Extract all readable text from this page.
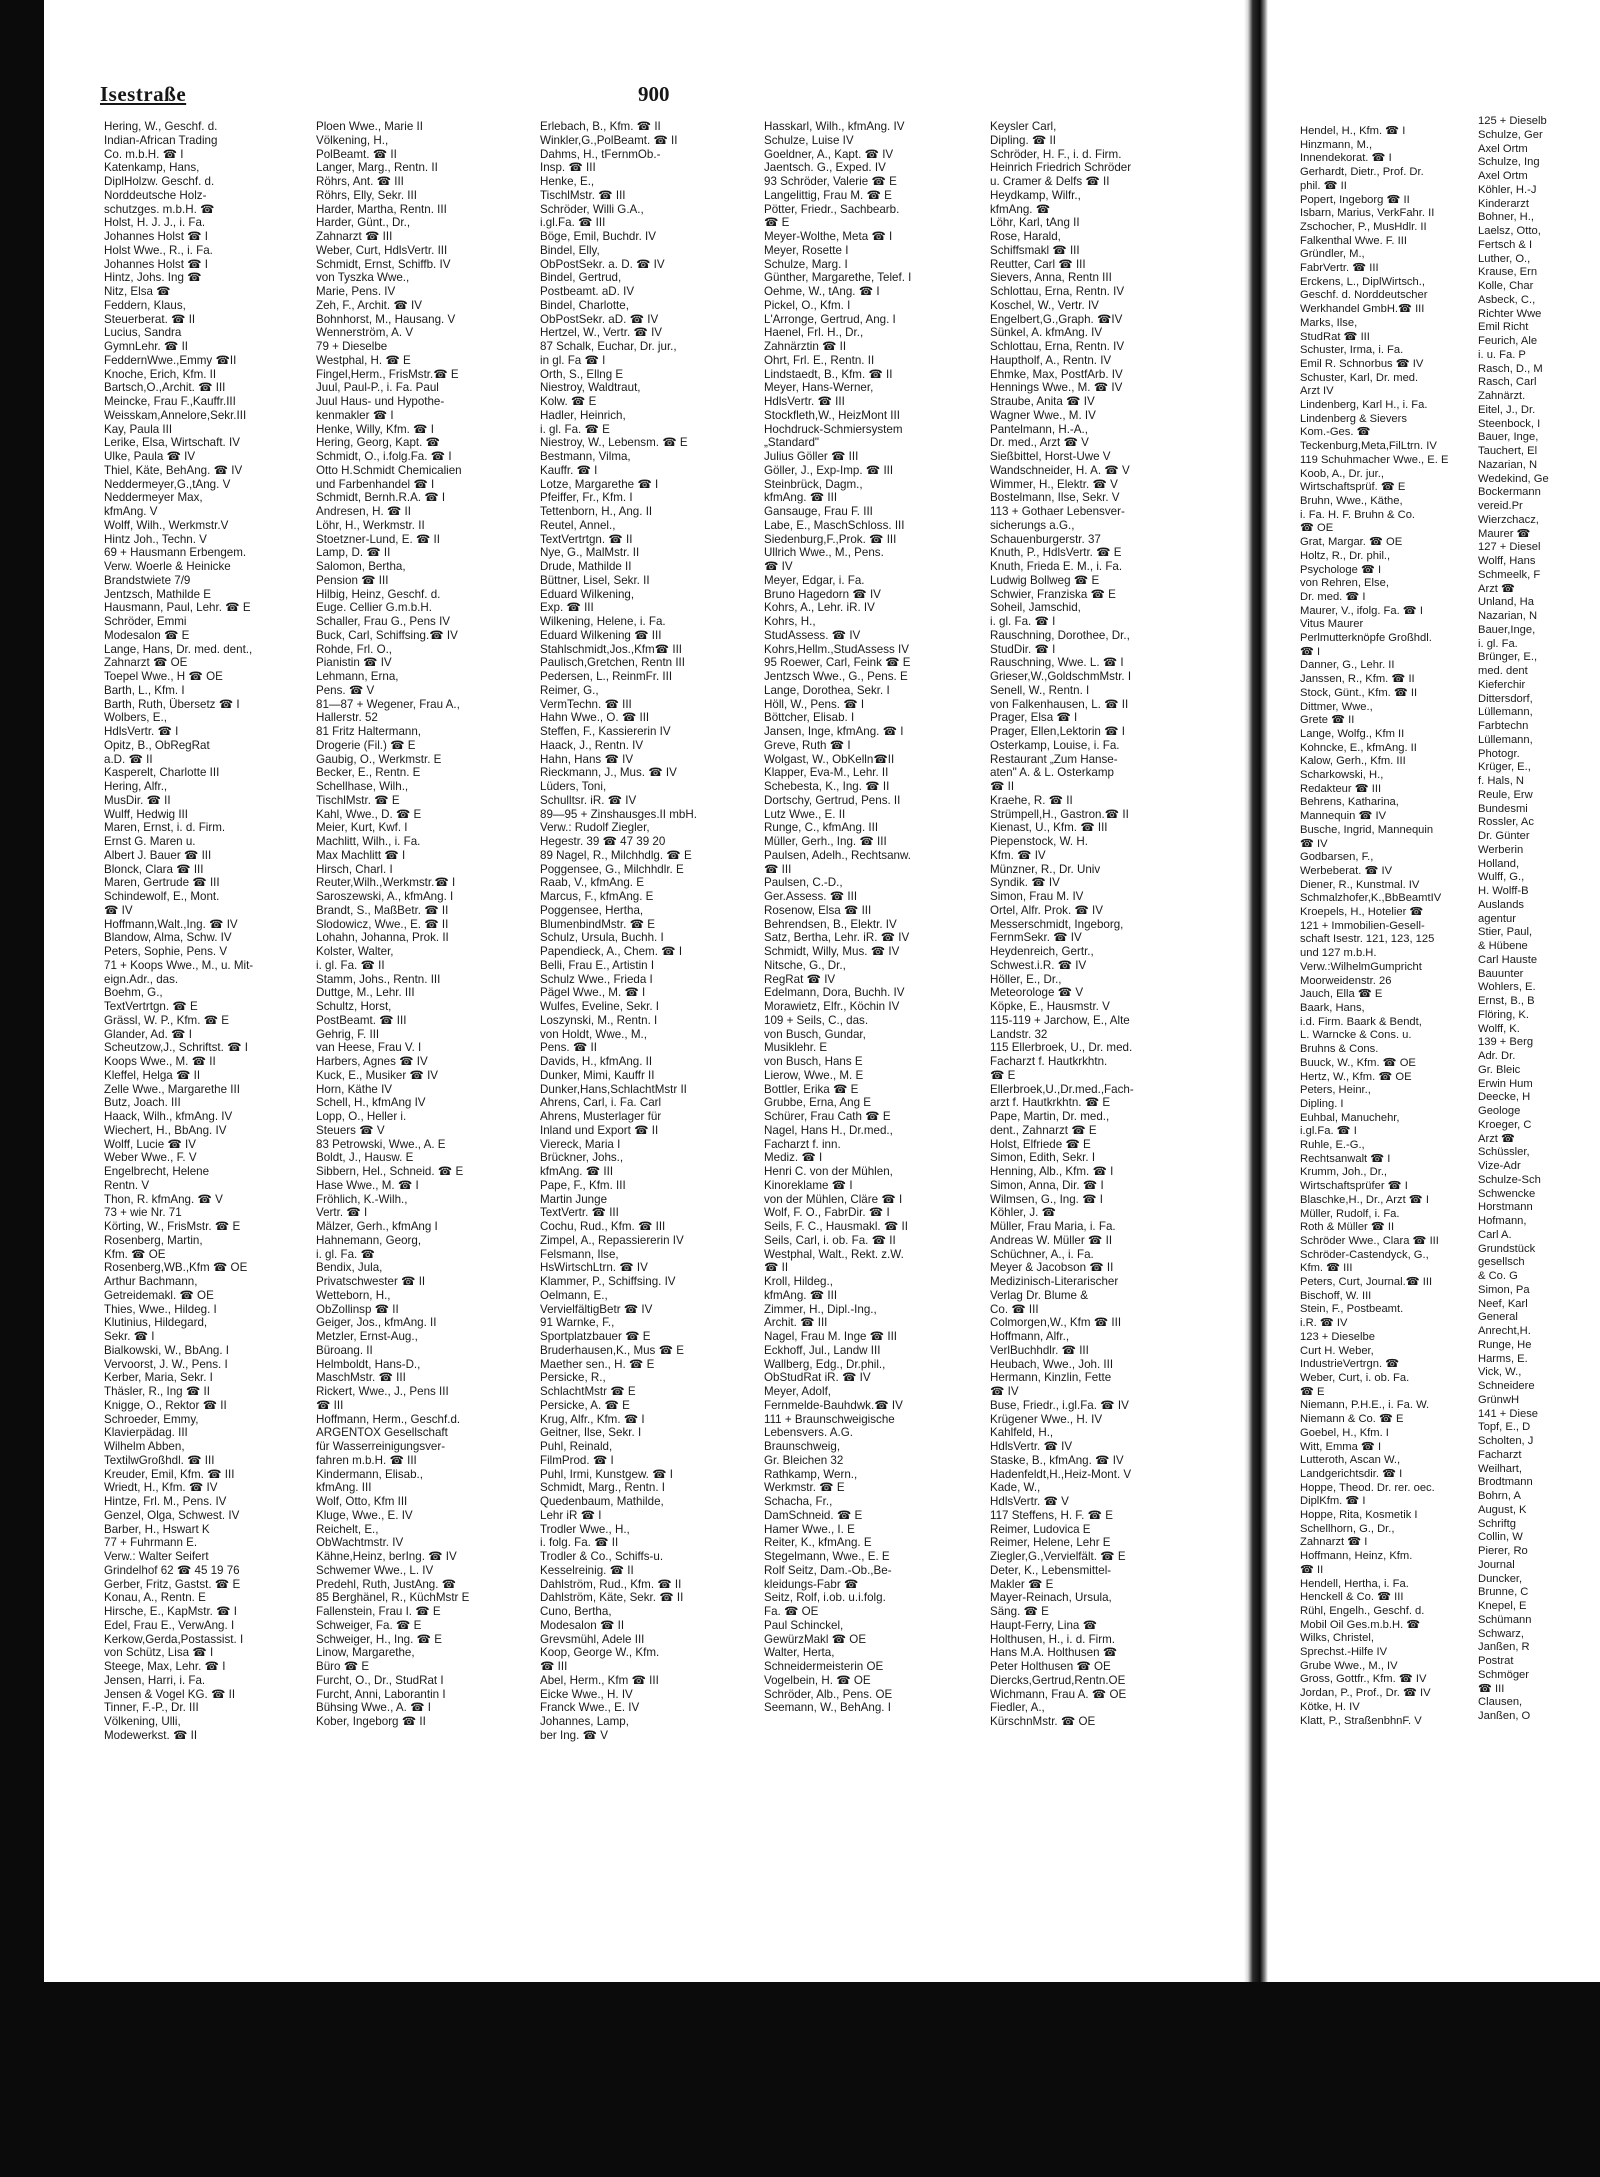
Isestraße	900
Hering, W., Geschf. d.
Indian-African Trading
Co. m.b.H. ☎ I
Katenkamp, Hans,
DiplHolzw. Geschf. d.
Norddeutsche Holz-
schutzges. m.b.H. ☎
Holst, H. J. J., i. Fa.
Johannes Holst ☎ I
Holst Wwe., R., i. Fa.
Johannes Holst ☎ I
Hintz, Johs. Ing ☎
Nitz, Elsa ☎
Feddern, Klaus,
Steuerberat. ☎ II
Lucius, Sandra
GymnLehr. ☎ II
FeddernWwe.,Emmy ☎II
Knoche, Erich, Kfm. II
Bartsch,O.,Archit. ☎ III
Meincke, Frau F.,Kauffr.III
Weisskam,Annelore,Sekr.III
Kay, Paula III
Lerike, Elsa, Wirtschaft. IV
Ulke, Paula ☎ IV
Thiel, Käte, BehAng. ☎ IV
Neddermeyer,G.,tAng. V
Neddermeyer Max,
kfmAng. V
Wolff, Wilh., Werkmstr.V
Hintz Joh., Techn. V
69 + Hausmann Erbengem.
Verw. Woerle & Heinicke
Brandstwiete 7/9
Jentzsch, Mathilde E
Hausmann, Paul, Lehr. ☎ E
Schröder, Emmi
Modesalon ☎ E
Lange, Hans, Dr. med. dent.,
Zahnarzt ☎ OE
Toepel Wwe., H ☎ OE
Barth, L., Kfm. I
Barth, Ruth, Übersetz ☎ I
Wolbers, E.,
HdlsVertr. ☎ I
Opitz, B., ObRegRat
a.D. ☎ II
Kasperelt, Charlotte III
Hering, Alfr.,
MusDir. ☎ II
Wulff, Hedwig III
Maren, Ernst, i. d. Firm.
Ernst G. Maren u.
Albert J. Bauer ☎ III
Blonck, Clara ☎ III
Maren, Gertrude ☎ III
Schindewolf, E., Mont.
☎ IV
Hoffmann,Walt.,Ing. ☎ IV
Blandow, Alma, Schw. IV
Peters, Sophie, Pens. V
71 + Koops Wwe., M., u. Mit-
eign.Adr., das.
Boehm, G.,
TextVertrtgn. ☎ E
Grässl, W. P., Kfm. ☎ E
Glander, Ad. ☎ I
Scheutzow,J., Schriftst. ☎ I
Koops Wwe., M. ☎ II
Kleffel, Helga ☎ II
Zelle Wwe., Margarethe III
Butz, Joach. III
Haack, Wilh., kfmAng. IV
Wiechert, H., BbAng. IV
Wolff, Lucie ☎ IV
Weber Wwe., F. V
Engelbrecht, Helene
Rentn. V
Thon, R. kfmAng. ☎ V
73 + wie Nr. 71
Körting, W., FrisMstr. ☎ E
Rosenberg, Martin,
Kfm. ☎ OE
Rosenberg,WB.,Kfm ☎ OE
Arthur Bachmann,
Getreidemakl. ☎ OE
Thies, Wwe., Hildeg. I
Klutinius, Hildegard,
Sekr. ☎ I
Bialkowski, W., BbAng. I
Vervoorst, J. W., Pens. I
Kerber, Maria, Sekr. I
Thäsler, R., Ing ☎ II
Knigge, O., Rektor ☎ II
Schroeder, Emmy,
Klavierpädag. III
Wilhelm Abben,
TextilwGroßhdl. ☎ III
Kreuder, Emil, Kfm. ☎ III
Wriedt, H., Kfm. ☎ IV
Hintze, Frl. M., Pens. IV
Genzel, Olga, Schwest. IV
Barber, H., Hswart K
77 + Fuhrmann E.
Verw.: Walter Seifert
Grindelhof 62 ☎ 45 19 76
Gerber, Fritz, Gastst. ☎ E
Konau, A., Rentn. E
Hirsche, E., KapMstr. ☎ I
Edel, Frau E., VerwAng. I
Kerkow,Gerda,Postassist. I
von Schütz, Lisa ☎ I
Steege, Max, Lehr. ☎ I
Jensen, Harri, i. Fa.
Jensen & Vogel KG. ☎ II
Tinner, F.-P., Dr. III
Völkening, Ulli,
Modewerkst. ☎ II
Ploen Wwe., Marie II
Völkening, H.,
PolBeamt. ☎ II
Langer, Marg., Rentn. II
Röhrs, Ant. ☎ III
Röhrs, Elly, Sekr. III
Harder, Martha, Rentn. III
Harder, Günt., Dr.,
Zahnarzt ☎ III
Weber, Curt, HdlsVertr. III
Schmidt, Ernst, Schiffb. IV
von Tyszka Wwe.,
Marie, Pens. IV
Zeh, F., Archit. ☎ IV
Bohnhorst, M., Hausang. V
Wennerström, A. V
79 + Dieselbe
Westphal, H. ☎ E
Fingel,Herm., FrisMstr.☎ E
Juul, Paul-P., i. Fa. Paul
Juul Haus- und Hypothe-
kenmakler ☎ I
Henke, Willy, Kfm. ☎ I
Hering, Georg, Kapt. ☎
Schmidt, O., i.folg.Fa. ☎ I
Otto H.Schmidt Chemicalien
und Farbenhandel ☎ I
Schmidt, Bernh.R.A. ☎ I
Andresen, H. ☎ II
Löhr, H., Werkmstr. II
Stoetzner-Lund, E. ☎ II
Lamp, D. ☎ II
Salomon, Bertha,
Pension ☎ III
Hilbig, Heinz, Geschf. d.
Euge. Cellier G.m.b.H.
Schaller, Frau G., Pens IV
Buck, Carl, Schiffsing.☎ IV
Rohde, Frl. O.,
Pianistin ☎ IV
Lehmann, Erna,
Pens. ☎ V
81—87 + Wegener, Frau A.,
Hallerstr. 52
81 Fritz Haltermann,
Drogerie (Fil.) ☎ E
Gaubig, O., Werkmstr. E
Becker, E., Rentn. E
Schellhase, Wilh.,
TischlMstr. ☎ E
Kahl, Wwe., D. ☎ E
Meier, Kurt, Kwf. I
Machlitt, Wilh., i. Fa.
Max Machlitt ☎ I
Hirsch, Charl. I
Reuter,Wilh.,Werkmstr.☎ I
Saroszewski, A., kfmAng. I
Brandt, S., MaßBetr. ☎ II
Slodowicz, Wwe., E. ☎ II
Lohahn, Johanna, Prok. II
Kolster, Walter,
i. gl. Fa. ☎ II
Stamm, Johs., Rentn. III
Duttge, M., Lehr. III
Schultz, Horst,
PostBeamt. ☎ III
Gehrig, F. III
van Heese, Frau V. I
Harbers, Agnes ☎ IV
Kuck, E., Musiker ☎ IV
Horn, Käthe IV
Schell, H., kfmAng IV
Lopp, O., Heller i.
Steuers ☎ V
83 Petrowski, Wwe., A. E
Boldt, J., Hausw. E
Sibbern, Hel., Schneid. ☎ E
Hase Wwe., M. ☎ I
Fröhlich, K.-Wilh.,
Vertr. ☎ I
Mälzer, Gerh., kfmAng I
Hahnemann, Georg,
i. gl. Fa. ☎
Bendix, Jula,
Privatschwester ☎ II
Wetteborn, H.,
ObZollinsp ☎ II
Geiger, Jos., kfmAng. II
Metzler, Ernst-Aug.,
Büroang. II
Helmboldt, Hans-D.,
MaschMstr. ☎ III
Rickert, Wwe., J., Pens III
☎ III
Hoffmann, Herm., Geschf.d.
ARGENTOX Gesellschaft
für Wasserreinigungsver-
fahren m.b.H. ☎ III
Kindermann, Elisab.,
kfmAng. III
Wolf, Otto, Kfm III
Kluge, Wwe., E. IV
Reichelt, E.,
ObWachtmstr. IV
Kähne,Heinz, berIng. ☎ IV
Schwemer Wwe., L. IV
Predehl, Ruth, JustAng. ☎
85 Berghänel, R., KüchMstr E
Fallenstein, Frau I. ☎ E
Schweiger, Fa. ☎ E
Schweiger, H., Ing. ☎ E
Linow, Margarethe,
Büro ☎ E
Furcht, O., Dr., StudRat I
Furcht, Anni, Laborantin I
Bühsing Wwe., A. ☎ I
Kober, Ingeborg ☎ II
Erlebach, B., Kfm. ☎ II
Winkler,G.,PolBeamt. ☎ II
Dahms, H., tFernmOb.-
Insp. ☎ III
Henke, E.,
TischlMstr. ☎ III
Schröder, Willi G.A.,
i.gl.Fa. ☎ III
Böge, Emil, Buchdr. IV
Bindel, Elly,
ObPostSekr. a. D. ☎ IV
Bindel, Gertrud,
Postbeamt. aD. IV
Bindel, Charlotte,
ObPostSekr. aD. ☎ IV
Hertzel, W., Vertr. ☎ IV
87 Schalk, Euchar, Dr. jur.,
in gl. Fa ☎ I
Orth, S., Ellng E
Niestroy, Waldtraut,
Kolw. ☎ E
Hadler, Heinrich,
i. gl. Fa. ☎ E
Niestroy, W., Lebensm. ☎ E
Bestmann, Vilma,
Kauffr. ☎ I
Lotze, Margarethe ☎ I
Pfeiffer, Fr., Kfm. I
Tettenborn, H., Ang. II
Reutel, Annel.,
TextVertrtgn. ☎ II
Nye, G., MalMstr. II
Drude, Mathilde II
Büttner, Lisel, Sekr. II
Eduard Wilkening,
Exp. ☎ III
Wilkening, Helene, i. Fa.
Eduard Wilkening ☎ III
Stahlschmidt,Jos.,Kfm☎ III
Paulisch,Gretchen, Rentn III
Pedersen, L., ReinmFr. III
Reimer, G.,
VermTechn. ☎ III
Hahn Wwe., O. ☎ III
Steffen, F., Kassiererin IV
Haack, J., Rentn. IV
Hahn, Hans ☎ IV
Rieckmann, J., Mus. ☎ IV
Lüders, Toni,
Schulltsr. iR. ☎ IV
89—95 + Zinshausges.II mbH.
Verw.: Rudolf Ziegler,
Hegestr. 39 ☎ 47 39 20
89 Nagel, R., Milchhdlg. ☎ E
Poggensee, G., Milchhdlr. E
Raab, V., kfmAng. E
Marcus, F., kfmAng. E
Poggensee, Hertha,
BlumenbindMstr. ☎ E
Schulz, Ursula, Buchh. I
Papendieck, A., Chem. ☎ I
Belli, Frau E., Artistin I
Schulz Wwe., Frieda I
Pägel Wwe., M. ☎ I
Wulfes, Eveline, Sekr. I
Loszynski, M., Rentn. I
von Holdt, Wwe., M.,
Pens. ☎ II
Davids, H., kfmAng. II
Dunker, Mimi, Kauffr II
Dunker,Hans,SchlachtMstr II
Ahrens, Carl, i. Fa. Carl
Ahrens, Musterlager für
Inland und Export ☎ II
Viereck, Maria I
Brückner, Johs.,
kfmAng. ☎ III
Pape, F., Kfm. III
Martin Junge
TextVertr. ☎ III
Cochu, Rud., Kfm. ☎ III
Zimpel, A., Repassiererin IV
Felsmann, Ilse,
HsWirtschLtrn. ☎ IV
Klammer, P., Schiffsing. IV
Oelmann, E.,
VervielfältigBetr ☎ IV
91 Warnke, F.,
Sportplatzbauer ☎ E
Bruderhausen,K., Mus ☎ E
Maether sen., H. ☎ E
Persicke, R.,
SchlachtMstr ☎ E
Persicke, A. ☎ E
Krug, Alfr., Kfm. ☎ I
Geitner, Ilse, Sekr. I
Puhl, Reinald,
FilmProd. ☎ I
Puhl, Irmi, Kunstgew. ☎ I
Schmidt, Marg., Rentn. I
Quedenbaum, Mathilde,
Lehr iR ☎ I
Trodler Wwe., H.,
i. folg. Fa. ☎ II
Trodler & Co., Schiffs-u.
Kesselreinig. ☎ II
Dahlström, Rud., Kfm. ☎ II
Dahlström, Käte, Sekr. ☎ II
Cuno, Bertha,
Modesalon ☎ II
Grevsmühl, Adele III
Koop, George W., Kfm.
☎ III
Abel, Herm., Kfm ☎ III
Eicke Wwe., H. IV
Franck Wwe., E. IV
Johannes, Lamp,
ber Ing. ☎ V
Hasskarl, Wilh., kfmAng. IV
Schulze, Luise IV
Goeldner, A., Kapt. ☎ IV
Jaentsch. G., Exped. IV
93 Schröder, Valerie ☎ E
Langelittig, Frau M. ☎ E
Pötter, Friedr., Sachbearb.
☎ E
Meyer-Wolthe, Meta ☎ I
Meyer, Rosette I
Schulze, Marg. I
Günther, Margarethe, Telef. I
Oehme, W., tAng. ☎ I
Pickel, O., Kfm. I
L'Arronge, Gertrud, Ang. I
Haenel, Frl. H., Dr.,
Zahnärztin ☎ II
Ohrt, Frl. E., Rentn. II
Lindstaedt, B., Kfm. ☎ II
Meyer, Hans-Werner,
HdlsVertr. ☎ III
Stockfleth,W., HeizMont III
Hochdruck-Schmiersystem
„Standard"
Julius Göller ☎ III
Göller, J., Exp-Imp. ☎ III
Steinbrück, Dagm.,
kfmAng. ☎ III
Gansauge, Frau F. III
Labe, E., MaschSchloss. III
Siedenburg,F.,Prok. ☎ III
Ullrich Wwe., M., Pens.
☎ IV
Meyer, Edgar, i. Fa.
Bruno Hagedorn ☎ IV
Kohrs, A., Lehr. iR. IV
Kohrs, H.,
StudAssess. ☎ IV
Kohrs,Hellm.,StudAssess IV
95 Roewer, Carl, Feink ☎ E
Jentzsch Wwe., G., Pens. E
Lange, Dorothea, Sekr. I
Höll, W., Pens. ☎ I
Böttcher, Elisab. I
Jansen, Inge, kfmAng. ☎ I
Greve, Ruth ☎ I
Wolgast, W., ObKelln☎II
Klapper, Eva-M., Lehr. II
Schebesta, K., Ing. ☎ II
Dortschy, Gertrud, Pens. II
Lutz Wwe., E. II
Runge, C., kfmAng. III
Müller, Gerh., Ing. ☎ III
Paulsen, Adelh., Rechtsanw.
☎ III
Paulsen, C.-D.,
Ger.Assess. ☎ III
Rosenow, Elsa ☎ III
Behrendsen, B., Elektr. IV
Satz, Bertha, Lehr. iR. ☎ IV
Schmidt, Willy, Mus. ☎ IV
Nitsche, G., Dr.,
RegRat ☎ IV
Edelmann, Dora, Buchh. IV
Morawietz, Elfr., Köchin IV
109 + Seils, C., das.
von Busch, Gundar,
Musiklehr. E
von Busch, Hans E
Lierow, Wwe., M. E
Bottler, Erika ☎ E
Grubbe, Erna, Ang E
Schürer, Frau Cath ☎ E
Nagel, Hans H., Dr.med.,
Facharzt f. inn.
Mediz. ☎ I
Henri C. von der Mühlen,
Kinoreklame ☎ I
von der Mühlen, Cläre ☎ I
Wolf, F. O., FabrDir. ☎ I
Seils, F. C., Hausmakl. ☎ II
Seils, Carl, i. ob. Fa. ☎ II
Westphal, Walt., Rekt. z.W.
☎ II
Kroll, Hildeg.,
kfmAng. ☎ III
Zimmer, H., Dipl.-Ing.,
Archit. ☎ III
Nagel, Frau M. Inge ☎ III
Eckhoff, Jul., Landw III
Wallberg, Edg., Dr.phil.,
ObStudRat iR. ☎ IV
Meyer, Adolf,
Fernmelde-Bauhdwk.☎ IV
111 + Braunschweigische
Lebensvers. A.G.
Braunschweig,
Gr. Bleichen 32
Rathkamp, Wern.,
Werkmstr. ☎ E
Schacha, Fr.,
DamSchneid. ☎ E
Hamer Wwe., I. E
Reiter, K., kfmAng. E
Stegelmann, Wwe., E. E
Rolf Seitz, Dam.-Ob.,Be-
kleidungs-Fabr ☎
Seitz, Rolf, i.ob. u.i.folg.
Fa. ☎ OE
Paul Schinckel,
GewürzMakl ☎ OE
Walter, Herta,
Schneidermeisterin OE
Vogelbein, H. ☎ OE
Schröder, Alb., Pens. OE
Seemann, W., BehAng. I
Keysler Carl,
Dipling. ☎ II
Schröder, H. F., i. d. Firm.
Heinrich Friedrich Schröder
u. Cramer & Delfs ☎ II
Heydkamp, Wilfr.,
kfmAng. ☎
Löhr, Karl, tAng II
Rose, Harald,
Schiffsmakl ☎ III
Reutter, Carl ☎ III
Sievers, Anna, Rentn III
Schlottau, Erna, Rentn. IV
Koschel, W., Vertr. IV
Engelbert,G.,Graph. ☎IV
Sünkel, A. kfmAng. IV
Schlottau, Erna, Rentn. IV
Hauptholf, A., Rentn. IV
Ehmke, Max, PostfArb. IV
Hennings Wwe., M. ☎ IV
Straube, Anita ☎ IV
Wagner Wwe., M. IV
Pantelmann, H.-A.,
Dr. med., Arzt ☎ V
Sießbittel, Horst-Uwe V
Wandschneider, H. A. ☎ V
Wimmer, H., Elektr. ☎ V
Bostelmann, Ilse, Sekr. V
113 + Gothaer Lebensver-
sicherungs a.G.,
Schauenburgerstr. 37
Knuth, P., HdlsVertr. ☎ E
Knuth, Frieda E. M., i. Fa.
Ludwig Bollweg ☎ E
Schwier, Franziska ☎ E
Soheil, Jamschid,
i. gl. Fa. ☎ I
Rauschning, Dorothee, Dr.,
StudDir. ☎ I
Rauschning, Wwe. L. ☎ I
Grieser,W.,GoldschmMstr. I
Senell, W., Rentn. I
von Falkenhausen, L. ☎ II
Prager, Elsa ☎ I
Prager, Ellen,Lektorin ☎ I
Osterkamp, Louise, i. Fa.
Restaurant „Zum Hanse-
aten" A. & L. Osterkamp
☎ II
Kraehe, R. ☎ II
Strümpell,H., Gastron.☎ II
Kienast, U., Kfm. ☎ III
Piepenstock, W. H.
Kfm. ☎ IV
Münzner, R., Dr. Univ
Syndik. ☎ IV
Simon, Frau M. IV
Ortel, Alfr. Prok. ☎ IV
Messerschmidt, Ingeborg,
FernmSekr. ☎ IV
Heydenreich, Gertr.,
Schwest.i.R. ☎ IV
Höller, E., Dr.,
Meteorologe ☎ V
Köpke, E., Hausmstr. V
115-119 + Jarchow, E., Alte
Landstr. 32
115 Ellerbroek, U., Dr. med.
Facharzt f. Hautkrkhtn.
☎ E
Ellerbroek,U.,Dr.med.,Fach-
arzt f. Hautkrkhtn. ☎ E
Pape, Martin, Dr. med.,
dent., Zahnarzt ☎ E
Holst, Elfriede ☎ E
Simon, Edith, Sekr. I
Henning, Alb., Kfm. ☎ I
Simon, Anna, Dir. ☎ I
Wilmsen, G., Ing. ☎ I
Köhler, J. ☎
Müller, Frau Maria, i. Fa.
Andreas W. Müller ☎ II
Schüchner, A., i. Fa.
Meyer & Jacobson ☎ II
Medizinisch-Literarischer
Verlag Dr. Blume &
Co. ☎ III
Colmorgen,W., Kfm ☎ III
Hoffmann, Alfr.,
VerlBuchhdlr. ☎ III
Heubach, Wwe., Joh. III
Hermann, Kinzlin, Fette
☎ IV
Buse, Friedr., i.gl.Fa. ☎ IV
Krügener Wwe., H. IV
Kahlfeld, H.,
HdlsVertr. ☎ IV
Staske, B., kfmAng. ☎ IV
Hadenfeldt,H.,Heiz-Mont. V
Kade, W.,
HdlsVertr. ☎ V
117 Steffens, H. F. ☎ E
Reimer, Ludovica E
Reimer, Helene, Lehr E
Ziegler,G.,Vervielfält. ☎ E
Deter, K., Lebensmittel-
Makler ☎ E
Mayer-Reinach, Ursula,
Säng. ☎ E
Haupt-Ferry, Lina ☎
Holthusen, H., i. d. Firm.
Hans M.A. Holthusen ☎
Peter Holthusen ☎ OE
Diercks,Gertrud,Rentn.OE
Wichmann, Frau A. ☎ OE
Fiedler, A.,
KürschnMstr. ☎ OE
Hendel, H., Kfm. ☎ I
Hinzmann, M.,
Innendekorat. ☎ I
Gerhardt, Dietr., Prof. Dr.
phil. ☎ II
Popert, Ingeborg ☎ II
Isbarn, Marius, VerkFahr. II
Zschocher, P., MusHdlr. II
Falkenthal Wwe. F. III
Gründler, M.,
FabrVertr. ☎ III
Erckens, L., DiplWirtsch.,
Geschf. d. Norddeutscher
Werkhandel GmbH.☎ III
Marks, Ilse,
StudRat ☎ III
Schuster, Irma, i. Fa.
Emil R. Schnorbus ☎ IV
Schuster, Karl, Dr. med.
Arzt IV
Lindenberg, Karl H., i. Fa.
Lindenberg & Sievers
Kom.-Ges. ☎
Teckenburg,Meta,FilLtrn. IV
119 Schuhmacher Wwe., E. E
Koob, A., Dr. jur.,
Wirtschaftsprüf. ☎ E
Bruhn, Wwe., Käthe,
i. Fa. H. F. Bruhn & Co.
☎ OE
Grat, Margar. ☎ OE
Holtz, R., Dr. phil.,
Psychologe ☎ I
von Rehren, Else,
Dr. med. ☎ I
Maurer, V., ifolg. Fa. ☎ I
Vitus Maurer
Perlmutterknöpfe Großhdl.
☎ I
Danner, G., Lehr. II
Janssen, R., Kfm. ☎ II
Stock, Günt., Kfm. ☎ II
Dittmer, Wwe.,
Grete ☎ II
Lange, Wolfg., Kfm II
Kohncke, E., kfmAng. II
Kalow, Gerh., Kfm. III
Scharkowski, H.,
Redakteur ☎ III
Behrens, Katharina,
Mannequin ☎ IV
Busche, Ingrid, Mannequin
☎ IV
Godbarsen, F.,
Werbeberat. ☎ IV
Diener, R., Kunstmal. IV
Schmalzhofer,K.,BbBeamtIV
Kroepels, H., Hotelier ☎
121 + Immobilien-Gesell-
schaft Isestr. 121, 123, 125
und 127 m.b.H.
Verw.:WilhelmGumpricht
Moorweidenstr. 26
Jauch, Ella ☎ E
Baark, Hans,
i.d. Firm. Baark & Bendt,
L. Warncke & Cons. u.
Bruhns & Cons.
Buuck, W., Kfm. ☎ OE
Hertz, W., Kfm. ☎ OE
Peters, Heinr.,
Dipling. I
Euhbal, Manuchehr,
i.gl.Fa. ☎ I
Ruhle, E.-G.,
Rechtsanwalt ☎ I
Krumm, Joh., Dr.,
Wirtschaftsprüfer ☎ I
Blaschke,H., Dr., Arzt ☎ I
Müller, Rudolf, i. Fa.
Roth & Müller ☎ II
Schröder Wwe., Clara ☎ III
Schröder-Castendyck, G.,
Kfm. ☎ III
Peters, Curt, Journal.☎ III
Bischoff, W. III
Stein, F., Postbeamt.
i.R. ☎ IV
123 + Dieselbe
Curt H. Weber,
IndustrieVertrgn. ☎
Weber, Curt, i. ob. Fa.
☎ E
Niemann, P.H.E., i. Fa. W.
Niemann & Co. ☎ E
Goebel, H., Kfm. I
Witt, Emma ☎ I
Lutteroth, Ascan W.,
Landgerichtsdir. ☎ I
Hoppe, Theod. Dr. rer. oec.
DiplKfm. ☎ I
Hoppe, Rita, Kosmetik I
Schellhorn, G., Dr.,
Zahnarzt ☎ I
Hoffmann, Heinz, Kfm.
☎ II
Hendell, Hertha, i. Fa.
Henckell & Co. ☎ III
Rühl, Engelh., Geschf. d.
Mobil Oil Ges.m.b.H. ☎
Wilks, Christel,
Sprechst.-Hilfe IV
Grube Wwe., M., IV
Gross, Gottfr., Kfm. ☎ IV
Jordan, P., Prof., Dr. ☎ IV
Kötke, H. IV
Klatt, P., StraßenbhnF. V
125 + Dieselb
Schulze, Ger
Axel Ortm
Schulze, Ing
Axel Ortm
Köhler, H.-J
Kinderarzt
Bohner, H.,
Laelsz, Otto,
Fertsch & I
Luther, O.,
Krause, Ern
Kolle, Char
Asbeck, C.,
Richter Wwe
Emil Richt
Feurich, Ale
i. u. Fa. P
Rasch, D., M
Rasch, Carl
Zahnärzt.
Eitel, J., Dr.
Steenbock, I
Bauer, Inge,
Tauchert, El
Nazarian, N
Wedekind, Ge
Bockermann
vereid.Pr
Wierzchacz,
Maurer ☎
127 + Diesel
Wolff, Hans
Schmeelk, F
Arzt ☎
Unland, Ha
Nazarian, N
Bauer,Inge,
i. gl. Fa.
Brünger, E.,
med. dent
Kieferchir
Dittersdorf,
Lüllemann,
Farbtechn
Lüllemann,
Photogr.
Krüger, E.,
f. Hals, N
Reule, Erw
Bundesmi
Rossler, Ac
Dr. Günter
Werberin
Holland,
Wulff, G.,
H. Wolff-B
Auslands
agentur
Stier, Paul,
& Hübene
Carl Hauste
Bauunter
Wohlers, E.
Ernst, B., B
Flöring, K.
Wolff, K.
139 + Berg
Adr. Dr.
Gr. Bleic
Erwin Hum
Deecke, H
Geologe
Kroeger, C
Arzt ☎
Schüssler,
Vize-Adr
Schulze-Sch
Schwencke
Horstmann
Hofmann,
Carl A.
Grundstück
gesellsch
& Co. G
Simon, Pa
Neef, Karl
General
Anrecht,H.
Runge, He
Harms, E.
Vick, W.,
Schneidere
GrünwH
141 + Diese
Topf, E., D
Scholten, J
Facharzt
Weilhart,
Brodtmann
Bohrn, A
August, K
Schriftg
Collin, W
Pierer, Ro
Journal
Duncker,
Brunne, C
Knepel, E
Schümann
Schwarz,
Janßen, R
Postrat
Schmöger
☎ III
Clausen,
Janßen, O
